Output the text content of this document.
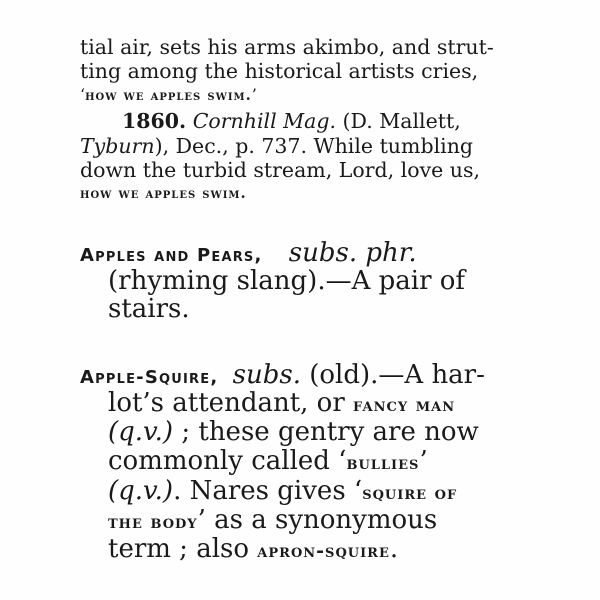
tial air, sets his arms akimbo, and strut-
ting among the historical artists cries,
‘how we apples swim.’
1860. Cornhill Mag. (D. Mallett,
Tyburn), Dec., p. 737. While tumbling
down the turbid stream, Lord, love us,
how we apples swim.
Apples and Pears, subs. phr.
(rhyming slang).—A pair of
stairs.
Apple-Squire, subs. (old).—A har-
lot’s attendant, or fancy man
(q.v.) ; these gentry are now
commonly called ‘bullies’
(q.v.). Nares gives ‘squire of
the body’ as a synonymous
term ; also apron-squire.
